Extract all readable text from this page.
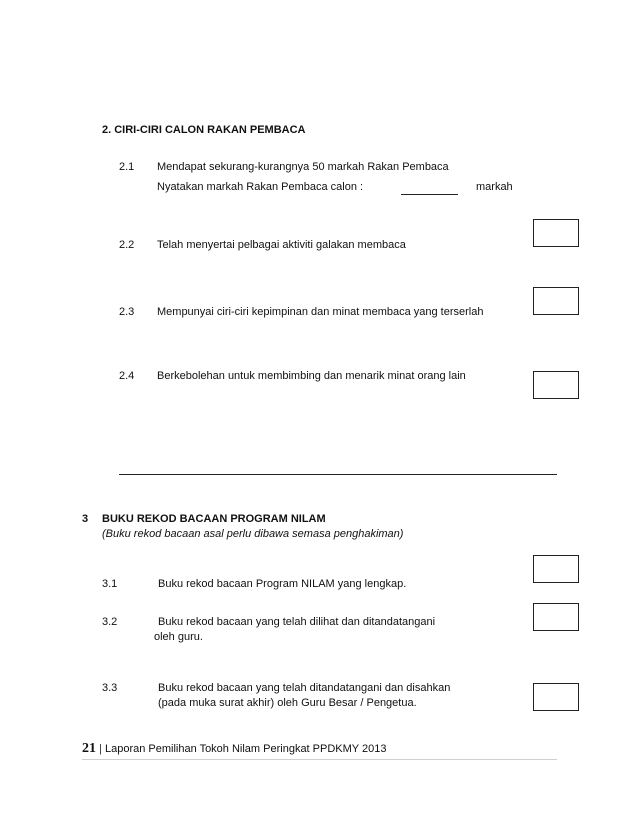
2. CIRI-CIRI CALON RAKAN PEMBACA
2.1 Mendapat sekurang-kurangnya 50 markah Rakan Pembaca
Nyatakan markah Rakan Pembaca calon :	markah
2.2 Telah menyertai pelbagai aktiviti galakan membaca
2.3 Mempunyai ciri-ciri kepimpinan dan minat membaca yang terserlah
2.4 Berkebolehan untuk membimbing dan menarik minat orang lain
3 BUKU REKOD BACAAN PROGRAM NILAM
(Buku rekod bacaan asal perlu dibawa semasa penghakiman)
3.1	Buku rekod bacaan Program NILAM yang lengkap.
3.2	Buku rekod bacaan yang telah dilihat dan ditandatangani
oleh guru.
3.3	Buku rekod bacaan yang telah ditandatangani dan disahkan
(pada muka surat akhir) oleh Guru Besar / Pengetua.
21 | Laporan Pemilihan Tokoh Nilam Peringkat PPDKMY 2013
